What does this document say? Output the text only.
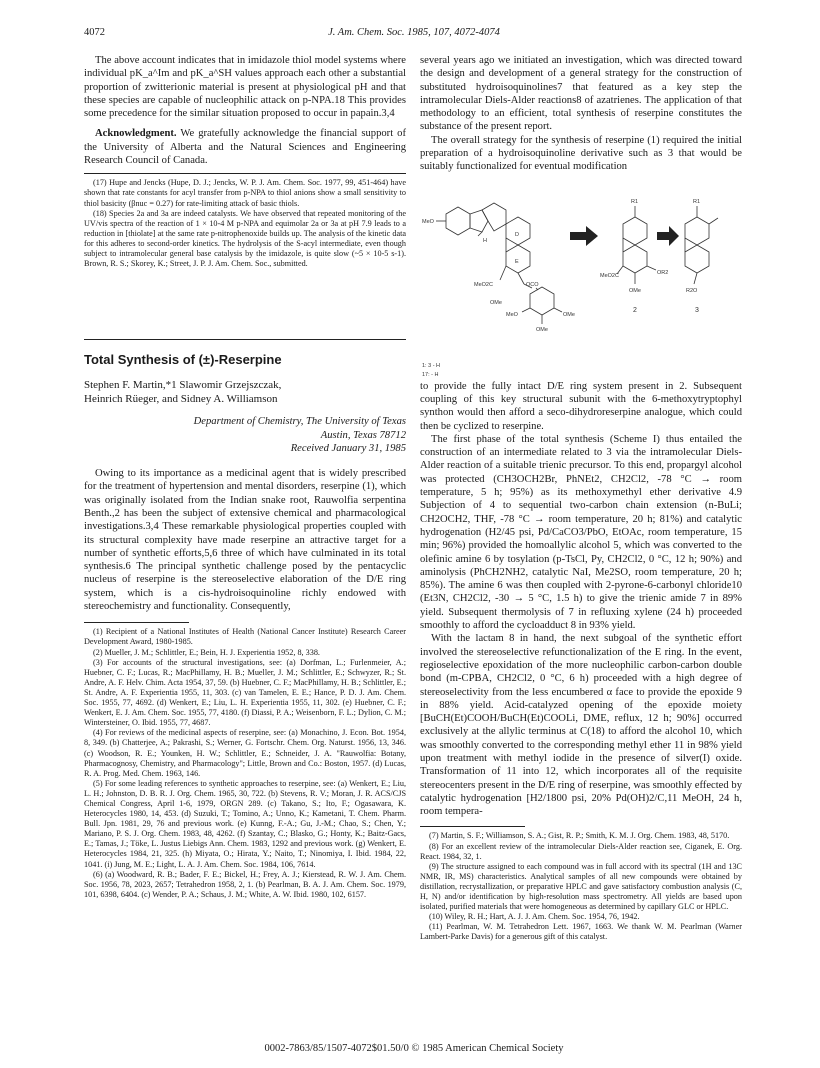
4072	J. Am. Chem. Soc. 1985, 107, 4072-4074

The above account indicates that in imidazole thiol model systems where individual pK_a^Im and pK_a^SH values approach each other a substantial proportion of zwitterionic material is present at physiological pH and that these species are capable of nucleophilic attack on p-NPA.18 This provides some precedence for the similar situation proposed to occur in papain.3,4

Acknowledgment. We gratefully acknowledge the financial support of the University of Alberta and the Natural Sciences and Engineering Research Council of Canada.

(17) Hupe and Jencks (Hupe, D. J.; Jencks, W. P. J. Am. Chem. Soc. 1977, 99, 451-464) have shown that rate constants for acyl transfer from p-NPA to thiol anions show a small sensitivity to thiol basicity (βnuc = 0.27) for rate-limiting attack of basic thiols.

(18) Species 2a and 3a are indeed catalysts. We have observed that repeated monitoring of the UV/vis spectra of the reaction of 1 × 10-4 M p-NPA and equimolar 2a or 3a at pH 7.9 leads to a reduction in [thiolate] at the same rate p-nitrophenoxide builds up. The analysis of the kinetic data for this adheres to second-order kinetics. The hydrolysis of the S-acyl intermediate, even though subject to intramolecular general base catalysis by the imidazole, is quite slow (~5 × 10-5 s-1). Brown, R. S.; Skorey, K.; Street, J. P. J. Am. Chem. Soc., submitted.

Total Synthesis of (±)-Reserpine
Stephen F. Martin,*1 Slawomir Grzejszczak,
Heinrich Rüeger, and Sidney A. Williamson
Department of Chemistry, The University of Texas
Austin, Texas 78712
Received January 31, 1985

Owing to its importance as a medicinal agent that is widely prescribed for the treatment of hypertension and mental disorders, reserpine (1), which was originally isolated from the Indian snake root, Rauwolfia serpentina Benth.,2 has been the subject of extensive chemical and pharmacological investigations.3,4 These remarkable physiological properties coupled with its structural complexity have made reserpine an attractive target for a number of synthetic efforts,5,6 three of which have culminated in its total synthesis.6 The principal synthetic challenge posed by the pentacyclic nucleus of reserpine is the stereoselective elaboration of the D/E ring system, which is a cis-hydroisoquinoline richly endowed with stereochemistry and functionality. Consequently,

(1) Recipient of a National Institutes of Health (National Cancer Institute) Research Career Development Award, 1980-1985.

(2) Mueller, J. M.; Schlittler, E.; Bein, H. J. Experientia 1952, 8, 338.

(3) For accounts of the structural investigations, see: (a) Dorfman, L.; Furlenmeier, A.; Huebner, C. F.; Lucas, R.; MacPhillamy, H. B.; Mueller, J. M.; Schlittler, E.; Schwyzer, R.; St. Andre, A. F. Helv. Chim. Acta 1954, 37, 59. (b) Huebner, C. F.; MacPhillamy, H. B.; Schlittler, E.; St. Andre, A. F. Experientia 1955, 11, 303. (c) van Tamelen, E. E.; Hance, P. D. J. Am. Chem. Soc. 1955, 77, 4692. (d) Wenkert, E.; Liu, L. H. Experientia 1955, 11, 302. (e) Huebner, C. F.; Wenkert, E. J. Am. Chem. Soc. 1955, 77, 4180. (f) Diassi, P. A.; Weisenborn, F. L.; Dylion, C. M.; Wintersteiner, O. Ibid. 1955, 77, 4687.

(4) For reviews of the medicinal aspects of reserpine, see: (a) Monachino, J. Econ. Bot. 1954, 8, 349. (b) Chatterjee, A.; Pakrashi, S.; Werner, G. Fortschr. Chem. Org. Naturst. 1956, 13, 346. (c) Woodson, R. E.; Younken, H. W.; Schlittler, E.; Schneider, J. A. "Rauwolfia: Botany, Pharmacognosy, Chemistry, and Pharmacology"; Little, Brown and Co.: Boston, 1957. (d) Lucas, R. A. Prog. Med. Chem. 1963, 146.

(5) For some leading references to synthetic approaches to reserpine, see: (a) Wenkert, E.; Liu, L. H.; Johnston, D. B. R. J. Org. Chem. 1965, 30, 722. (b) Stevens, R. V.; Moran, J. R. ACS/CJS Chemical Congress, April 1-6, 1979, ORGN 289. (c) Takano, S.; Ito, F.; Ogasawara, K. Heterocycles 1980, 14, 453. (d) Suzuki, T.; Tomino, A.; Unno, K.; Kametani, T. Chem. Pharm. Bull. Jpn. 1981, 29, 76 and previous work. (e) Kunng, F.-A.; Gu, J.-M.; Chao, S.; Chen, Y.; Mariano, P. S. J. Org. Chem. 1983, 48, 4262. (f) Szantay, C.; Blasko, G.; Honty, K.; Baitz-Gacs, E.; Tamas, J.; Töke, L. Justus Liebigs Ann. Chem. 1983, 1292 and previous work. (g) Wenkert, E. Heterocycles 1984, 21, 325. (h) Miyata, O.; Hirata, Y.; Naito, T.; Ninomiya, I. Ibid. 1984, 22, 1041. (i) Jung, M. E.; Light, L. A. J. Am. Chem. Soc. 1984, 106, 7614.

(6) (a) Woodward, R. B.; Bader, F. E.; Bickel, H.; Frey, A. J.; Kierstead, R. W. J. Am. Chem. Soc. 1956, 78, 2023, 2657; Tetrahedron 1958, 2, 1. (b) Pearlman, B. A. J. Am. Chem. Soc. 1979, 101, 6398, 6404. (c) Wender, P. A.; Schaus, J. M.; White, A. W. Ibid. 1980, 102, 6157.

several years ago we initiated an investigation, which was directed toward the design and development of a general strategy for the construction of substituted hydroisoquinolines7 that featured as a key step the intramolecular Diels-Alder reactions8 of azatrienes. The application of that methodology to an efficient, total synthesis of reserpine constitutes the substance of the present report.

The overall strategy for the synthesis of reserpine (1) required the initial preparation of a hydroisoquinoline derivative such as 3 that would be suitably functionalized for eventual modification

MeO
H
D
E
MeO2C	OCO
OMe
MeO	OMe
OMe
R1
MeO2C	OR2
OMe
R1
R2O
2	3
1: 3 - H
17: - H

to provide the fully intact D/E ring system present in 2. Subsequent coupling of this key structural subunit with the 6-methoxytryptophyl synthon would then afford a seco-dihydroreserpine analogue, which could then be cyclized to reserpine.

The first phase of the total synthesis (Scheme I) thus entailed the construction of an intermediate related to 3 via the intramolecular Diels-Alder reaction of a suitable trienic precursor. To this end, propargyl alcohol was protected (CH3OCH2Br, PhNEt2, CH2Cl2, -78 °C → room temperature, 5 h; 95%) as its methoxymethyl ether derivative 4.9 Subjection of 4 to sequential two-carbon chain extension (n-BuLi; CH2OCH2, THF, -78 °C → room temperature, 20 h; 81%) and catalytic hydrogenation (H2/45 psi, Pd/CaCO3/PbO, EtOAc, room temperature, 15 min; 96%) provided the homoallylic alcohol 5, which was converted to the olefinic amine 6 by tosylation (p-TsCl, Py, CH2Cl2, 0 °C, 12 h; 90%) and aminolysis (PhCH2NH2, catalytic NaI, Me2SO, room temperature, 20 h; 85%). The amine 6 was then coupled with 2-pyrone-6-carbonyl chloride10 (Et3N, CH2Cl2, -30 → 5 °C, 1.5 h) to give the trienic amide 7 in 89% yield. Subsequent thermolysis of 7 in refluxing xylene (24 h) proceeded smoothly to afford the cycloadduct 8 in 93% yield.

With the lactam 8 in hand, the next subgoal of the synthetic effort involved the stereoselective refunctionalization of the E ring. In the event, regioselective epoxidation of the more nucleophilic carbon-carbon double bond (m-CPBA, CH2Cl2, 0 °C, 6 h) proceeded with a high degree of stereoselectivity from the less encumbered α face to provide the epoxide 9 in 88% yield. Acid-catalyzed opening of the epoxide moiety [BuCH(Et)COOH/BuCH(Et)COOLi, DME, reflux, 12 h; 90%] occurred exclusively at the allylic terminus at C(18) to afford the alcohol 10, which was smoothly converted to the corresponding methyl ether 11 in 98% yield upon treatment with methyl iodide in the presence of silver(I) oxide. Transformation of 11 into 12, which incorporates all of the requisite stereocenters present in the D/E ring of reserpine, was smoothly effected by catalytic hydrogenation [H2/1800 psi, 20% Pd(OH)2/C,11 MeOH, 24 h, room tempera-

(7) Martin, S. F.; Williamson, S. A.; Gist, R. P.; Smith, K. M. J. Org. Chem. 1983, 48, 5170.

(8) For an excellent review of the intramolecular Diels-Alder reaction see, Ciganek, E. Org. React. 1984, 32, 1.

(9) The structure assigned to each compound was in full accord with its spectral (1H and 13C NMR, IR, MS) characteristics. Analytical samples of all new compounds were obtained by distillation, recrystallization, or preparative HPLC and gave satisfactory combustion analysis (C, H, N) and/or identification by high-resolution mass spectrometry. All yields are based upon isolated, purified materials that were homogeneous as determined by capillary GLC or HPLC.

(10) Wiley, R. H.; Hart, A. J. J. Am. Chem. Soc. 1954, 76, 1942.

(11) Pearlman, W. M. Tetrahedron Lett. 1967, 1663. We thank W. M. Pearlman (Warner Lambert-Parke Davis) for a generous gift of this catalyst.

0002-7863/85/1507-4072$01.50/0 © 1985 American Chemical Society
